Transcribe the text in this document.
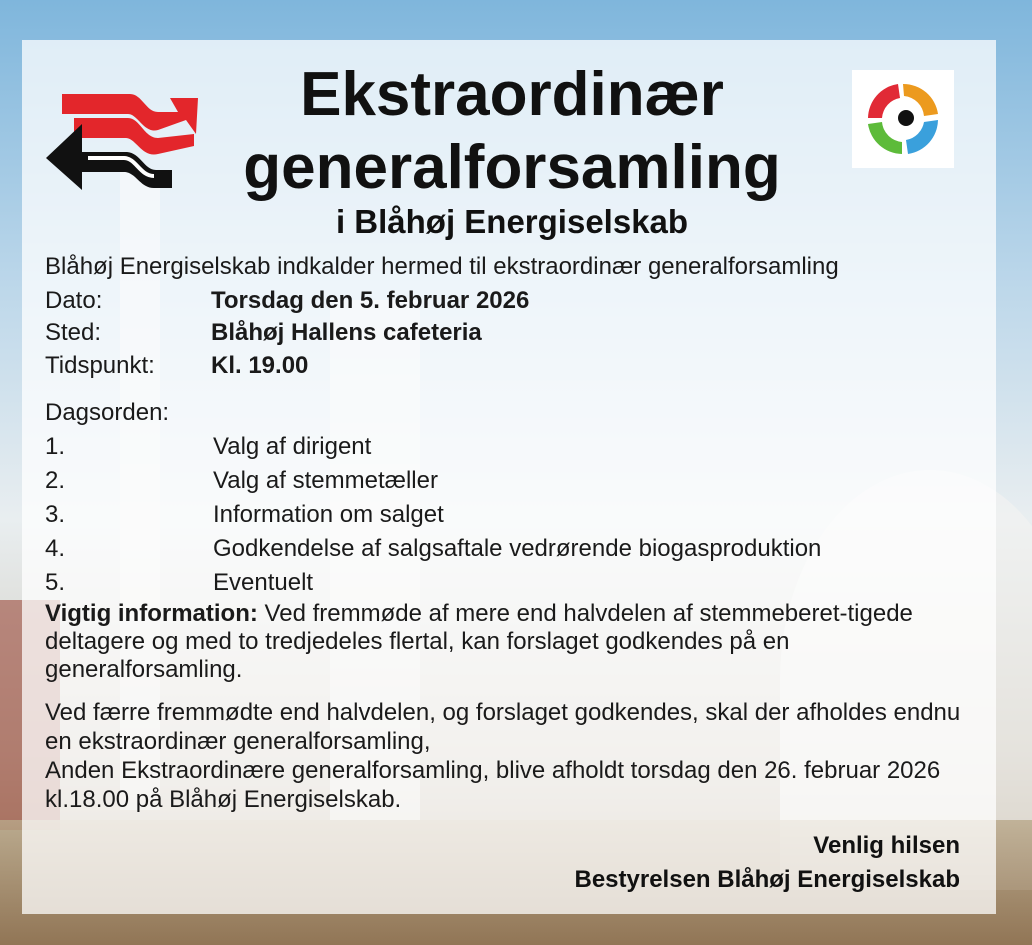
Ekstraordinær
generalforsamling
i Blåhøj Energiselskab
Blåhøj Energiselskab indkalder hermed til ekstraordinær generalforsamling
Dato:	Torsdag den 5. februar 2026
Sted:	Blåhøj Hallens cafeteria
Tidspunkt: Kl. 19.00
Dagsorden:
1.	Valg af dirigent
2.	Valg af stemmetæller
3.	Information om salget
4.	Godkendelse af salgsaftale vedrørende biogasproduktion
5.	Eventuelt

Vigtig information: Ved fremmøde af mere end halvdelen af stemmeberet-tigede deltagere og med to tredjedeles flertal, kan forslaget godkendes på en generalforsamling.

Ved færre fremmødte end halvdelen, og forslaget godkendes, skal der afholdes endnu en ekstraordinær generalforsamling,
Anden Ekstraordinære generalforsamling, blive afholdt torsdag den 26. februar 2026 kl.18.00 på Blåhøj Energiselskab.

Venlig hilsen
Bestyrelsen Blåhøj Energiselskab
